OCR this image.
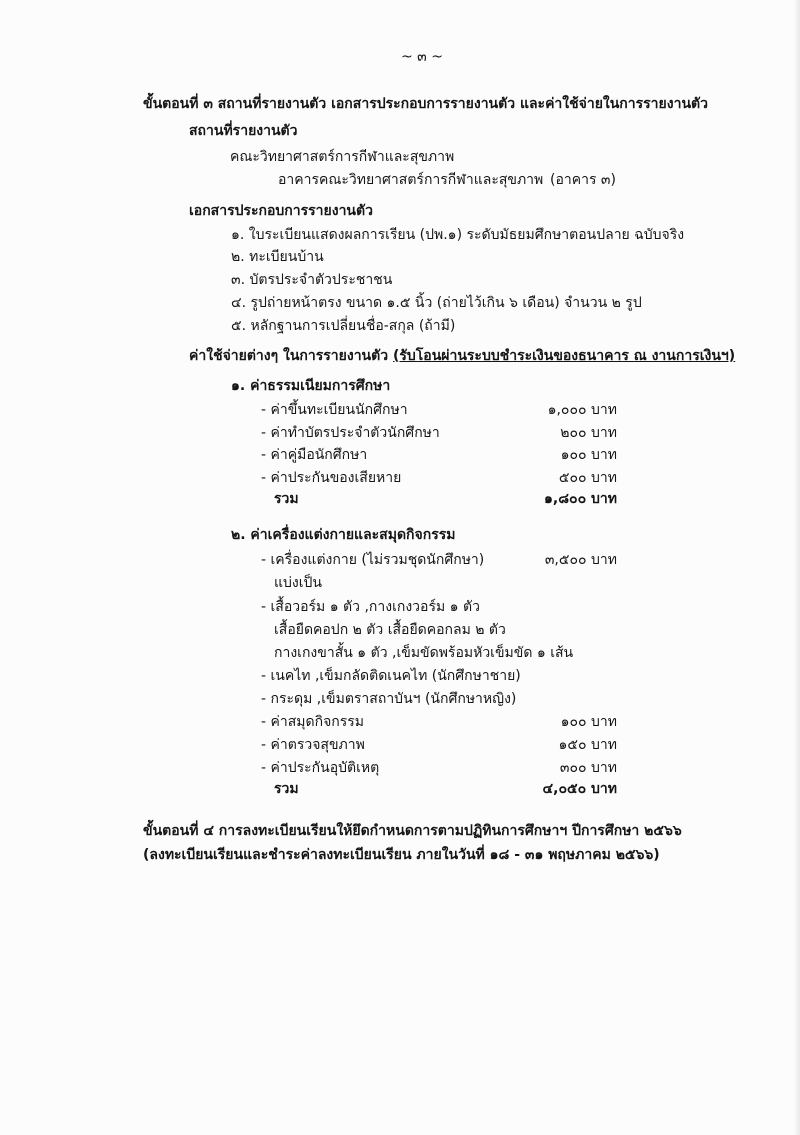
~ ๓ ~
ขั้นตอนที่ ๓ สถานที่รายงานตัว เอกสารประกอบการรายงานตัว และค่าใช้จ่ายในการรายงานตัว
สถานที่รายงานตัว
คณะวิทยาศาสตร์การกีฬาและสุขภาพ
อาคารคณะวิทยาศาสตร์การกีฬาและสุขภาพ (อาคาร ๓)
เอกสารประกอบการรายงานตัว
๑. ใบระเบียนแสดงผลการเรียน (ปพ.๑) ระดับมัธยมศึกษาตอนปลาย ฉบับจริง
๒. ทะเบียนบ้าน
๓. บัตรประจำตัวประชาชน
๔. รูปถ่ายหน้าตรง ขนาด ๑.๕ นิ้ว (ถ่ายไว้เกิน ๖ เดือน) จำนวน ๒ รูป
๕. หลักฐานการเปลี่ยนชื่อ-สกุล (ถ้ามี)
ค่าใช้จ่ายต่างๆ ในการรายงานตัว (รับโอนผ่านระบบชำระเงินของธนาคาร ณ งานการเงินฯ)
๑. ค่าธรรมเนียมการศึกษา
- ค่าขึ้นทะเบียนนักศึกษา	๑,๐๐๐ บาท
- ค่าทำบัตรประจำตัวนักศึกษา	๒๐๐ บาท
- ค่าคู่มือนักศึกษา	๑๐๐ บาท
- ค่าประกันของเสียหาย	๕๐๐ บาท
รวม	๑,๘๐๐ บาท
๒. ค่าเครื่องแต่งกายและสมุดกิจกรรม
- เครื่องแต่งกาย (ไม่รวมชุดนักศึกษา)	๓,๕๐๐ บาท
แบ่งเป็น
- เสื้อวอร์ม ๑ ตัว ,กางเกงวอร์ม ๑ ตัว
เสื้อยืดคอปก ๒ ตัว เสื้อยืดคอกลม ๒ ตัว
กางเกงขาสั้น ๑ ตัว ,เข็มขัดพร้อมหัวเข็มขัด ๑ เส้น
- เนคไท ,เข็มกลัดติดเนคไท (นักศึกษาชาย)
- กระดุม ,เข็มตราสถาบันฯ (นักศึกษาหญิง)
- ค่าสมุดกิจกรรม	๑๐๐ บาท
- ค่าตรวจสุขภาพ	๑๕๐ บาท
- ค่าประกันอุบัติเหตุ	๓๐๐ บาท
รวม	๔,๐๕๐ บาท
ขั้นตอนที่ ๔ การลงทะเบียนเรียนให้ยึดกำหนดการตามปฏิทินการศึกษาฯ ปีการศึกษา ๒๕๖๖
(ลงทะเบียนเรียนและชำระค่าลงทะเบียนเรียน ภายในวันที่ ๑๘ - ๓๑ พฤษภาคม ๒๕๖๖)
